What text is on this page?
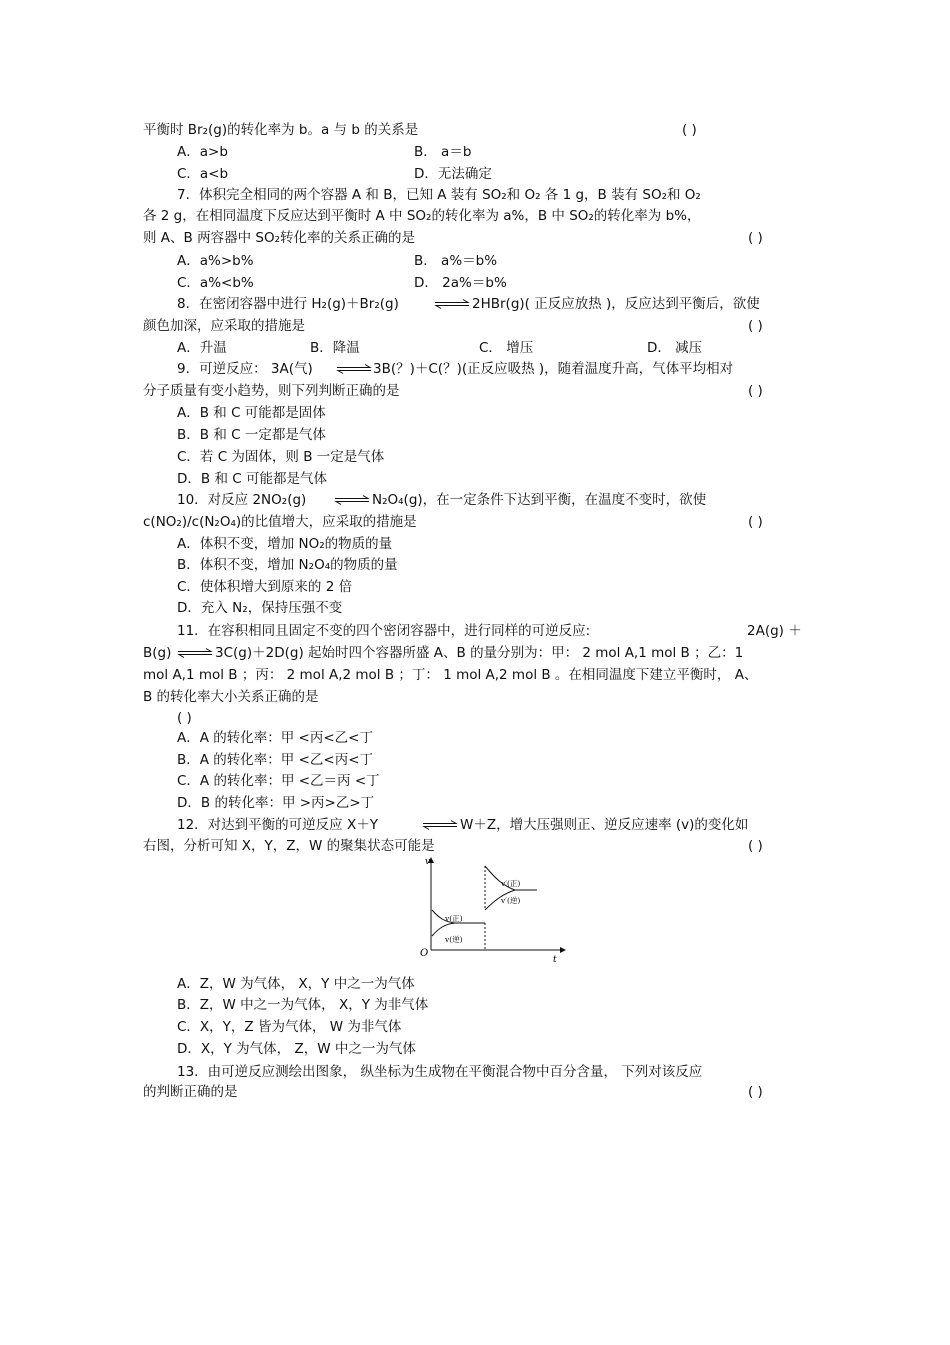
平衡时 Br₂(g)的转化率为 b。a 与 b 的关系是	( )
A．a>b	B． a＝b
C．a<b	D．无法确定
7．体积完全相同的两个容器 A 和 B，已知 A 装有 SO₂和 O₂ 各 1 g，B 装有 SO₂和 O₂
各 2 g，在相同温度下反应达到平衡时 A 中 SO₂的转化率为 a%，B 中 SO₂的转化率为 b%，
则 A、B 两容器中 SO₂转化率的关系正确的是	( )
A．a%>b%	B． a%＝b%
C．a%<b%	D． 2a%＝b%
8．在密闭容器中进行 H₂(g)＋Br₂(g) ⇌ 2HBr(g)( 正反应放热 )，反应达到平衡后，欲使
颜色加深，应采取的措施是	( )
A．升温	B．降温	C． 增压	D． 减压
9．可逆反应： 3A(气) ⇌ 3B(？)＋C(？)(正反应吸热 )，随着温度升高，气体平均相对
分子质量有变小趋势，则下列判断正确的是	( )
A．B 和 C 可能都是固体
B．B 和 C 一定都是气体
C．若 C 为固体，则 B 一定是气体
D．B 和 C 可能都是气体
10．对反应 2NO₂(g) ⇌ N₂O₄(g)，在一定条件下达到平衡，在温度不变时，欲使
c(NO₂)/c(N₂O₄)的比值增大，应采取的措施是	( )
A．体积不变，增加 NO₂的物质的量
B．体积不变，增加 N₂O₄的物质的量
C．使体积增大到原来的 2 倍
D．充入 N₂，保持压强不变
11．在容积相同且固定不变的四个密闭容器中，进行同样的可逆反应:	2A(g) ＋
B(g) ⇌ 3C(g)＋2D(g) 起始时四个容器所盛 A、B 的量分别为：甲： 2 mol A,1 mol B ；乙：1
mol A,1 mol B ；丙： 2 mol A,2 mol B ；丁： 1 mol A,2 mol B 。在相同温度下建立平衡时， A、
B 的转化率大小关系正确的是
( )
A．A 的转化率：甲 <丙<乙<丁
B．A 的转化率：甲 <乙<丙<丁
C．A 的转化率：甲 <乙＝丙 <丁
D．B 的转化率：甲 >丙>乙>丁
12．对达到平衡的可逆反应 X＋Y	⇌ W＋Z，增大压强则正、逆反应速率 (v)的变化如
右图，分析可知 X，Y，Z，W 的聚集状态可能是	( )
v
t
O
v′(正)
v′(逆)
v(正)
v(逆)
A．Z，W 为气体， X，Y 中之一为气体
B．Z，W 中之一为气体， X，Y 为非气体
C．X，Y，Z 皆为气体， W 为非气体
D．X，Y 为气体， Z，W 中之一为气体
13．由可逆反应测绘出图象， 纵坐标为生成物在平衡混合物中百分含量， 下列对该反应
的判断正确的是	( )
